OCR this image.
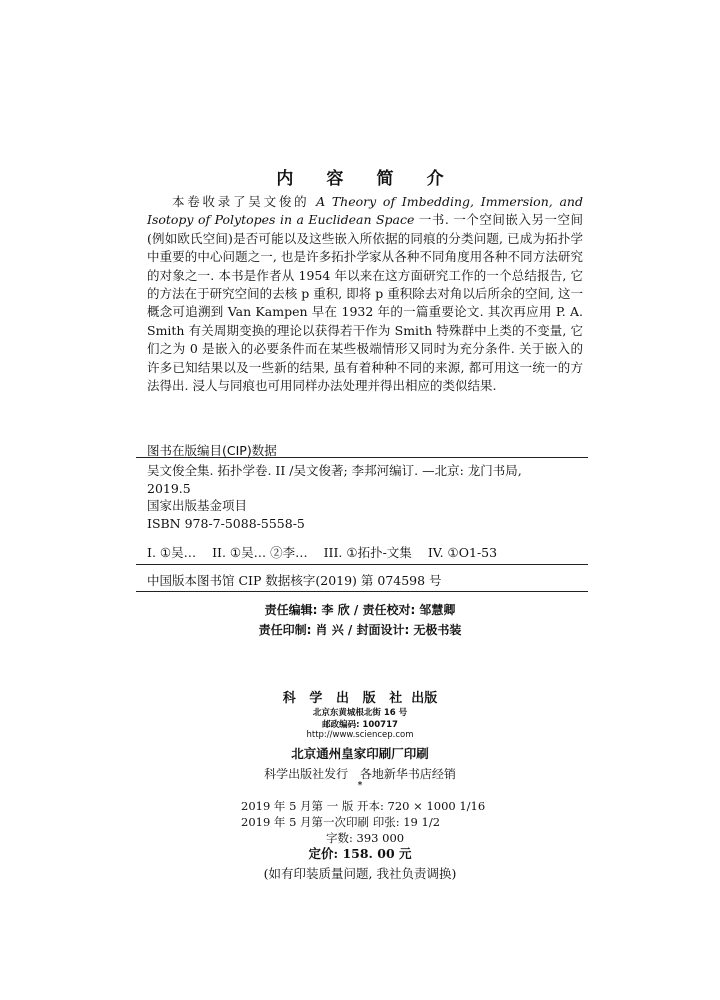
内 容 简 介

本卷收录了吴文俊的 A Theory of Imbedding, Immersion, and Isotopy of Polytopes in a Euclidean Space 一书. 一个空间嵌入另一空间(例如欧氏空间)是否可能以及这些嵌入所依据的同痕的分类问题, 已成为拓扑学中重要的中心问题之一, 也是许多拓扑学家从各种不同角度用各种不同方法研究的对象之一. 本书是作者从 1954 年以来在这方面研究工作的一个总结报告, 它的方法在于研究空间的去核 p 重积, 即将 p 重积除去对角以后所余的空间, 这一概念可追溯到 Van Kampen 早在 1932 年的一篇重要论文. 其次再应用 P. A. Smith 有关周期变换的理论以获得若干作为 Smith 特殊群中上类的不变量, 它们之为 0 是嵌入的必要条件而在某些极端情形又同时为充分条件. 关于嵌入的许多已知结果以及一些新的结果, 虽有着种种不同的来源, 都可用这一统一的方法得出. 浸人与同痕也可用同样办法处理并得出相应的类似结果.

图书在版编目(CIP)数据
吴文俊全集. 拓扑学卷. II /吴文俊著; 李邦河编订. —北京: 龙门书局,
2019.5
国家出版基金项目
ISBN 978-7-5088-5558-5
I. ①吴… II. ①吴… ②李… III. ①拓扑-文集 IV. ①O1-53
中国版本图书馆 CIP 数据核字(2019) 第 074598 号
责任编辑: 李 欣 / 责任校对: 邹慧卿
责任印制: 肖 兴 / 封面设计: 无极书装
科 学 出 版 社 出版
北京东黄城根北街 16 号
邮政编码: 100717
http://www.sciencep.com
北京通州皇家印刷厂印刷
科学出版社发行 各地新华书店经销
*
2019 年 5 月第 一 版 开本: 720 × 1000 1/16
2019 年 5 月第一次印刷 印张: 19 1/2
字数: 393 000
定价: 158. 00 元
(如有印装质量问题, 我社负责调换)
